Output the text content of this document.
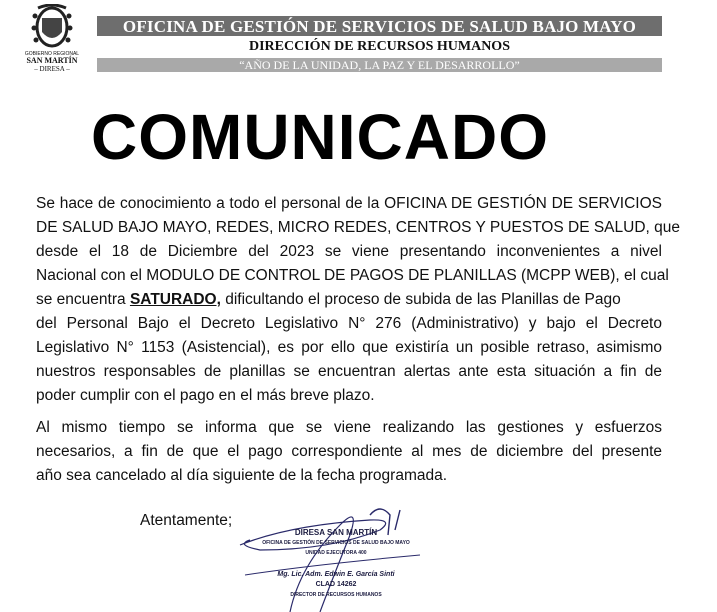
GOBIERNO REGIONAL
SAN MARTÍN
– DIRESA –
OFICINA DE GESTIÓN DE SERVICIOS DE SALUD BAJO MAYO
DIRECCIÓN DE RECURSOS HUMANOS
“AÑO DE LA UNIDAD, LA PAZ Y EL DESARROLLO”
COMUNICADO
Se hace de conocimiento a todo el personal de la OFICINA DE GESTIÓN DE SERVICIOS
DE SALUD BAJO MAYO, REDES, MICRO REDES, CENTROS Y PUESTOS DE SALUD, que
desde el 18 de Diciembre del 2023 se viene presentando inconvenientes a nivel
Nacional con el MODULO DE CONTROL DE PAGOS DE PLANILLAS (MCPP WEB), el cual
se encuentra SATURADO, dificultando el proceso de subida de las Planillas de Pago
del Personal Bajo el Decreto Legislativo N° 276 (Administrativo) y bajo el Decreto
Legislativo N° 1153 (Asistencial), es por ello que existiría un posible retraso, asimismo
nuestros responsables de planillas se encuentran alertas ante esta situación a fin de
poder cumplir con el pago en el más breve plazo.
Al mismo tiempo se informa que se viene realizando las gestiones y esfuerzos
necesarios, a fin de que el pago correspondiente al mes de diciembre del presente
año sea cancelado al día siguiente de la fecha programada.
Atentamente;
DIRESA SAN MARTÍN
OFICINA DE GESTIÓN DE SERVICIOS DE SALUD BAJO MAYO
UNIDAD EJECUTORA 400
Mg. Lic. Adm. Edwin E. García Sinti
CLAD 14262
DIRECTOR DE RECURSOS HUMANOS
